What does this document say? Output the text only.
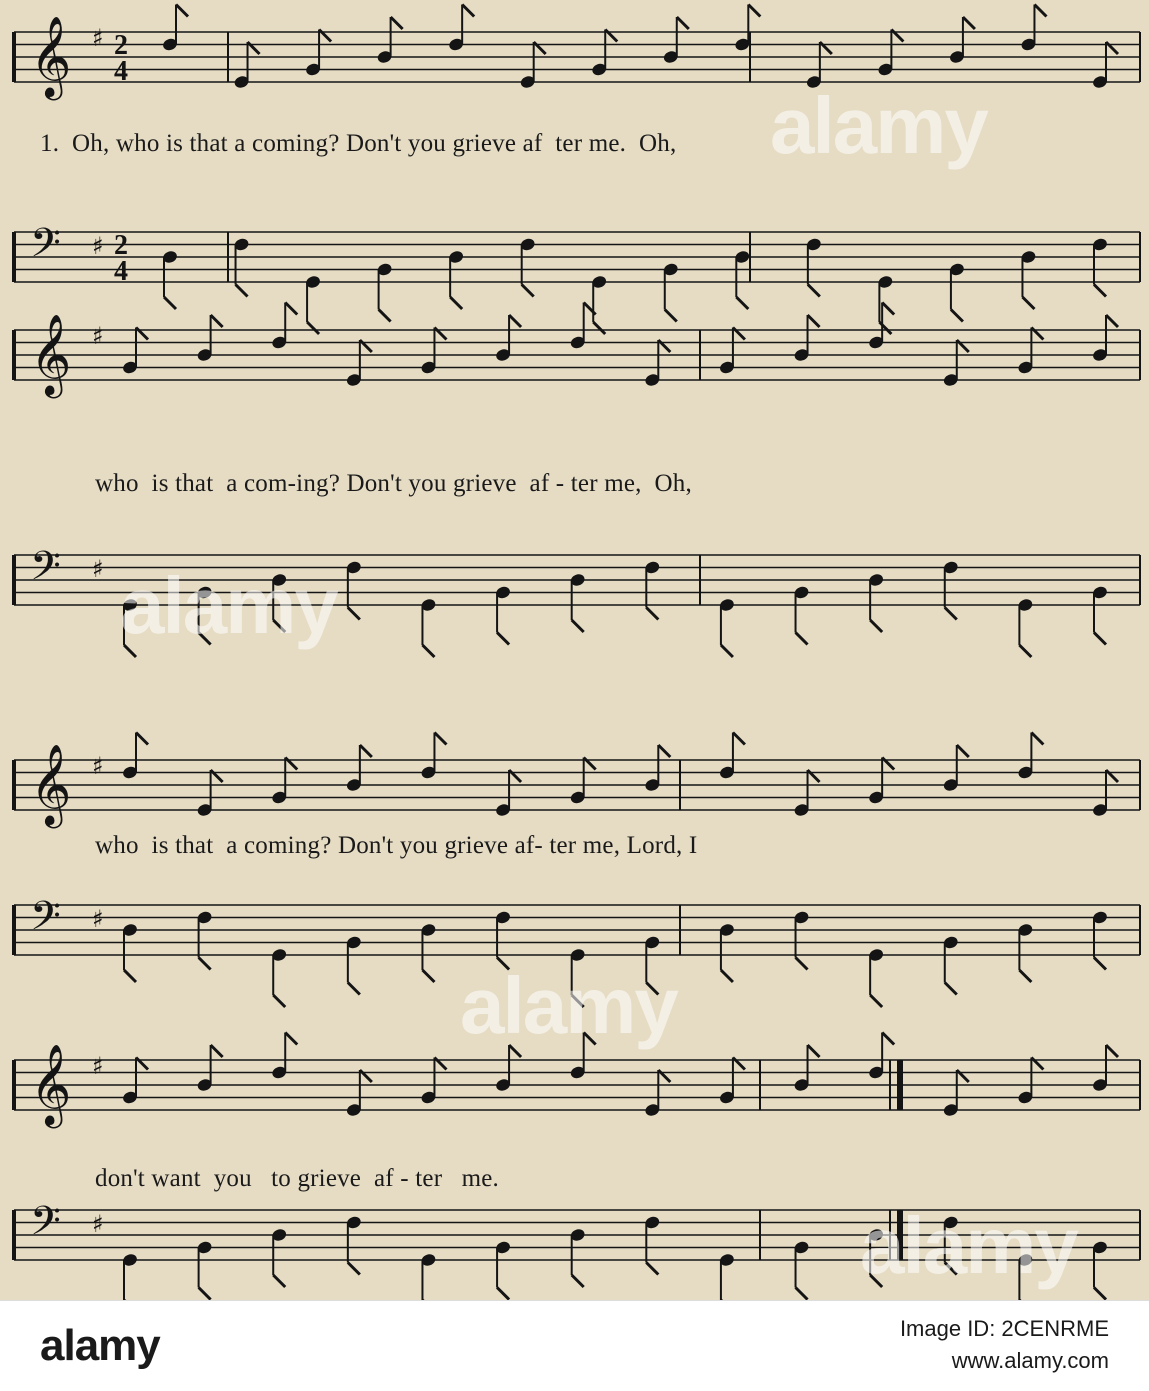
𝄞 ♯ 2
4
𝄢 ♯ 2
4
𝄞 ♯
𝄢 ♯
𝄞 ♯
𝄢 ♯
𝄞 ♯
𝄢 ♯
1.  Oh, who is that a coming? Don't you grieve af  ter me.  Oh,
who  is that  a com-ing? Don't you grieve  af - ter me,  Oh,
who  is that  a coming? Don't you grieve af- ter me, Lord, I
don't want  you   to grieve  af - ter   me.
alamy
alamy
alamy
alamy
alamy	Image ID: 2CENRME
www.alamy.com
